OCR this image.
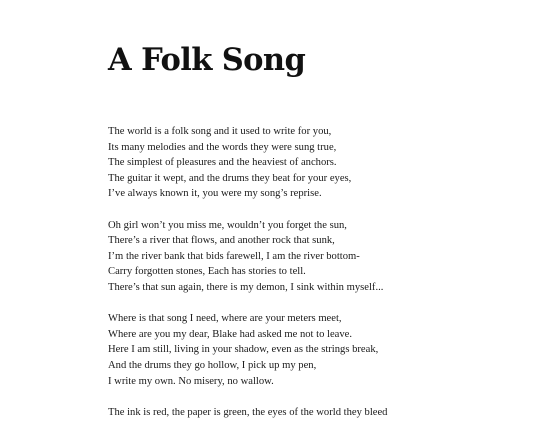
A Folk Song
The world is a folk song and it used to write for you,
Its many melodies and the words they were sung true,
The simplest of pleasures and the heaviest of anchors.
The guitar it wept, and the drums they beat for your eyes,
I’ve always known it, you were my song’s reprise.
Oh girl won’t you miss me, wouldn’t you forget the sun,
There’s a river that flows, and another rock that sunk,
I’m the river bank that bids farewell, I am the river bottom-
Carry forgotten stones, Each has stories to tell.
There’s that sun again, there is my demon, I sink within myself...
Where is that song I need, where are your meters meet,
Where are you my dear, Blake had asked me not to leave.
Here I am still, living in your shadow, even as the strings break,
And the drums they go hollow, I pick up my pen,
I write my own. No misery, no wallow.
The ink is red, the paper is green, the eyes of the world they bleed
